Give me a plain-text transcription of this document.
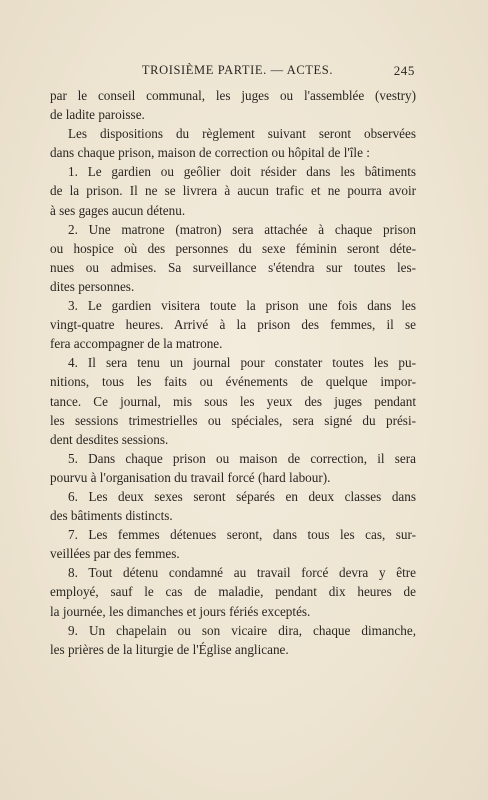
TROISIÈME PARTIE. — ACTES.	245
par le conseil communal, les juges ou l'assemblée (vestry)
de ladite paroisse.
Les dispositions du règlement suivant seront observées
dans chaque prison, maison de correction ou hôpital de l'île :
1. Le gardien ou geôlier doit résider dans les bâtiments
de la prison. Il ne se livrera à aucun trafic et ne pourra avoir
à ses gages aucun détenu.
2. Une matrone (matron) sera attachée à chaque prison
ou hospice où des personnes du sexe féminin seront déte-
nues ou admises. Sa surveillance s'étendra sur toutes les-
dites personnes.
3. Le gardien visitera toute la prison une fois dans les
vingt-quatre heures. Arrivé à la prison des femmes, il se
fera accompagner de la matrone.
4. Il sera tenu un journal pour constater toutes les pu-
nitions, tous les faits ou événements de quelque impor-
tance. Ce journal, mis sous les yeux des juges pendant
les sessions trimestrielles ou spéciales, sera signé du prési-
dent desdites sessions.
5. Dans chaque prison ou maison de correction, il sera
pourvu à l'organisation du travail forcé (hard labour).
6. Les deux sexes seront séparés en deux classes dans
des bâtiments distincts.
7. Les femmes détenues seront, dans tous les cas, sur-
veillées par des femmes.
8. Tout détenu condamné au travail forcé devra y être
employé, sauf le cas de maladie, pendant dix heures de
la journée, les dimanches et jours fériés exceptés.
9. Un chapelain ou son vicaire dira, chaque dimanche,
les prières de la liturgie de l'Église anglicane.
